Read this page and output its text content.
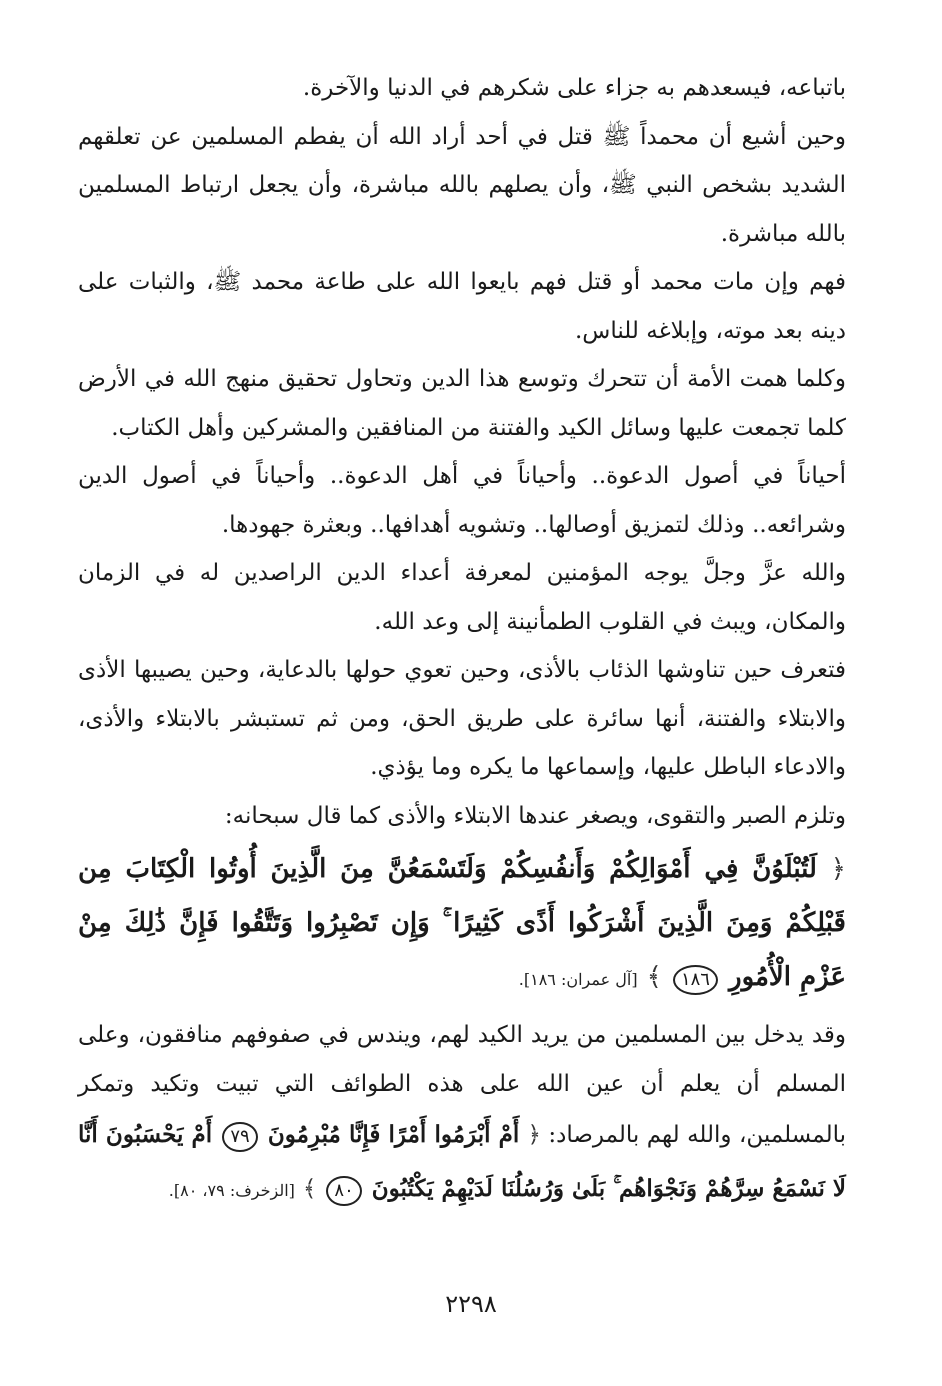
باتباعه، فيسعدهم به جزاء على شكرهم في الدنيا والآخرة.

وحين أشيع أن محمداً ﷺ قتل في أحد أراد الله أن يفطم المسلمين عن تعلقهم الشديد بشخص النبي ﷺ، وأن يصلهم بالله مباشرة، وأن يجعل ارتباط المسلمين بالله مباشرة.

فهم وإن مات محمد أو قتل فهم بايعوا الله على طاعة محمد ﷺ، والثبات على دينه بعد موته، وإبلاغه للناس.

وكلما همت الأمة أن تتحرك وتوسع هذا الدين وتحاول تحقيق منهج الله في الأرض كلما تجمعت عليها وسائل الكيد والفتنة من المنافقين والمشركين وأهل الكتاب.

أحياناً في أصول الدعوة.. وأحياناً في أهل الدعوة.. وأحياناً في أصول الدين وشرائعه.. وذلك لتمزيق أوصالها.. وتشويه أهدافها.. وبعثرة جهودها.

والله عزَّ وجلَّ يوجه المؤمنين لمعرفة أعداء الدين الراصدين له في الزمان والمكان، ويبث في القلوب الطمأنينة إلى وعد الله.

فتعرف حين تناوشها الذئاب بالأذى، وحين تعوي حولها بالدعاية، وحين يصيبها الأذى والابتلاء والفتنة، أنها سائرة على طريق الحق، ومن ثم تستبشر بالابتلاء والأذى، والادعاء الباطل عليها، وإسماعها ما يكره وما يؤذي.

وتلزم الصبر والتقوى، ويصغر عندها الابتلاء والأذى كما قال سبحانه:

﴿ لَتُبْلَوُنَّ فِي أَمْوَالِكُمْ وَأَنفُسِكُمْ وَلَتَسْمَعُنَّ مِنَ الَّذِينَ أُوتُوا الْكِتَابَ مِن قَبْلِكُمْ وَمِنَ الَّذِينَ أَشْرَكُوا أَذًى كَثِيرًا ۚ وَإِن تَصْبِرُوا وَتَتَّقُوا فَإِنَّ ذَٰلِكَ مِنْ عَزْمِ الْأُمُورِ ١٨٦ ﴾ [آل عمران: ١٨٦].

وقد يدخل بين المسلمين من يريد الكيد لهم، ويندس في صفوفهم منافقون، وعلى المسلم أن يعلم أن عين الله على هذه الطوائف التي تبيت وتكيد وتمكر بالمسلمين، والله لهم بالمرصاد: ﴿ أَمْ أَبْرَمُوا أَمْرًا فَإِنَّا مُبْرِمُونَ ٧٩ أَمْ يَحْسَبُونَ أَنَّا لَا نَسْمَعُ سِرَّهُمْ وَنَجْوَاهُم ۚ بَلَىٰ وَرُسُلُنَا لَدَيْهِمْ يَكْتُبُونَ ٨٠ ﴾ [الزخرف: ٧٩، ٨٠].

٢٢٩٨
